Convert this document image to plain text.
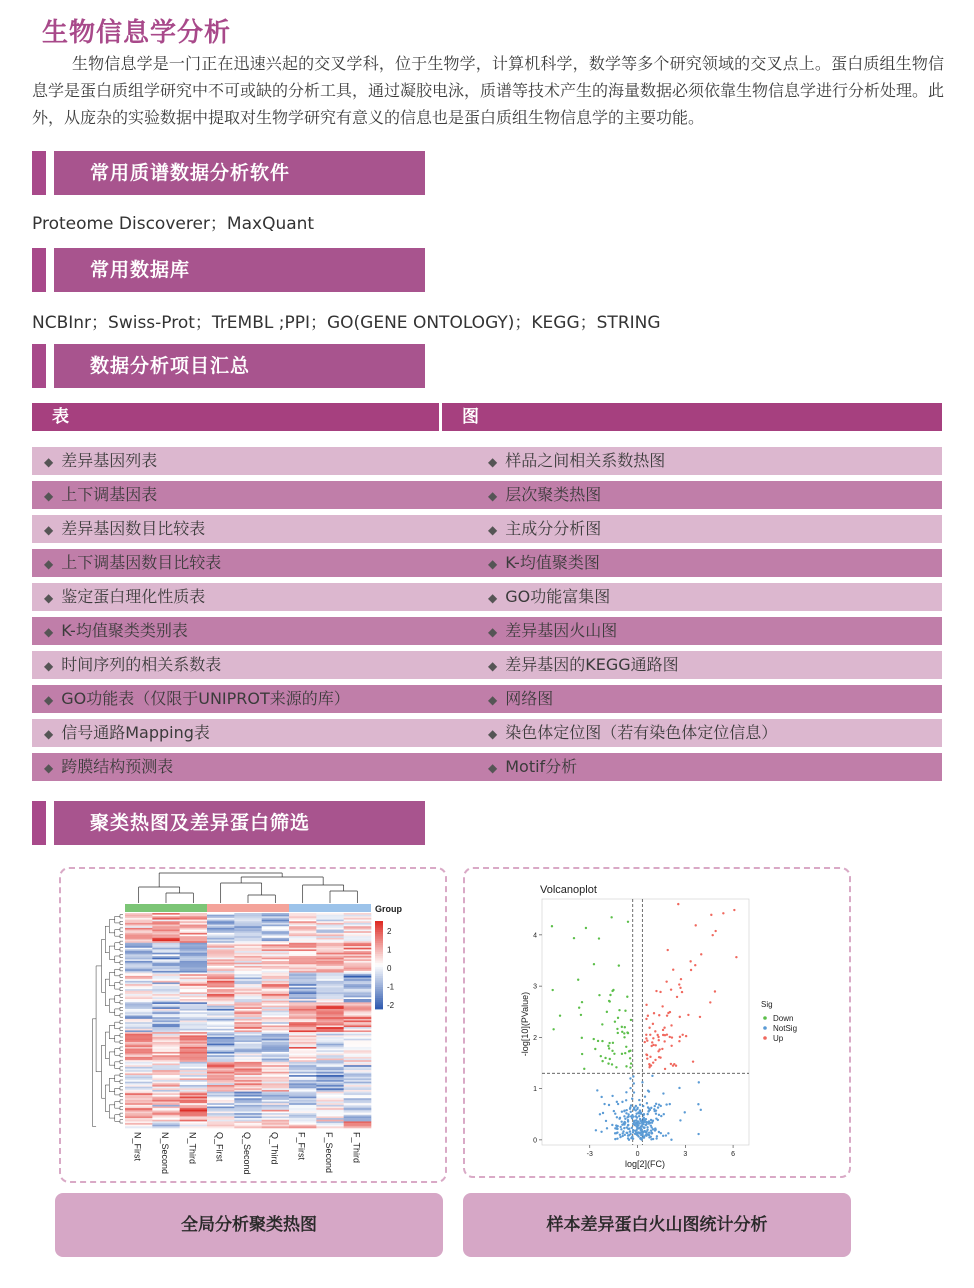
生物信息学分析
生物信息学是一门正在迅速兴起的交叉学科，位于生物学，计算机科学，数学等多个研究领域的交叉点上。蛋白质组生物信息学是蛋白质组学研究中不可或缺的分析工具，通过凝胶电泳，质谱等技术产生的海量数据必须依靠生物信息学进行分析处理。此外，从庞杂的实验数据中提取对生物学研究有意义的信息也是蛋白质组生物信息学的主要功能。
常用质谱数据分析软件
Proteome Discoverer；MaxQuant
常用数据库
NCBInr；Swiss-Prot；TrEMBL ;PPI；GO(GENE ONTOLOGY)；KEGG；STRING
数据分析项目汇总
表	图
◆ 差异基因列表	◆ 样品之间相关系数热图
◆ 上下调基因表	◆ 层次聚类热图
◆ 差异基因数目比较表	◆ 主成分分析图
◆ 上下调基因数目比较表	◆ K-均值聚类图
◆ 鉴定蛋白理化性质表	◆ GO功能富集图
◆ K-均值聚类类别表	◆ 差异基因火山图
◆ 时间序列的相关系数表	◆ 差异基因的KEGG通路图
◆ GO功能表（仅限于UNIPROT来源的库）	◆ 网络图
◆ 信号通路Mapping表	◆ 染色体定位图（若有染色体定位信息）
◆ 跨膜结构预测表	◆ Motif分析
聚类热图及差异蛋白筛选
N_First N_Second N_Third Q_First Q_Second Q_Third F_First F_Second F_Third
Group
2
1
0
-1
-2
Volcanoplot
-3	0	3	6
0
1
2
3
4
log[2](FC)
-log[10](PValue)	Sig
Down
NotSig
Up
全局分析聚类热图	样本差异蛋白火山图统计分析
